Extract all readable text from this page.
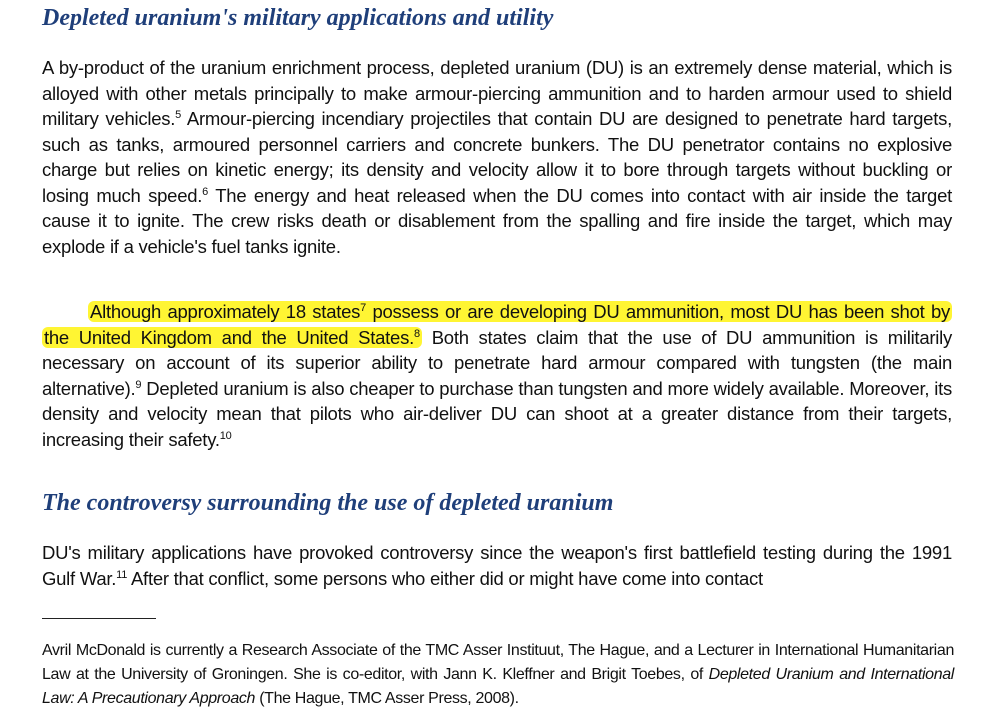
Depleted uranium's military applications and utility

A by-product of the uranium enrichment process, depleted uranium (DU) is an extremely dense material, which is alloyed with other metals principally to make armour-piercing ammunition and to harden armour used to shield military vehicles.$^5$ Armour-piercing incendiary projectiles that contain DU are designed to penetrate hard targets, such as tanks, armoured personnel carriers and concrete bunkers. The DU penetrator contains no explosive charge but relies on kinetic energy; its density and velocity allow it to bore through targets without buckling or losing much speed.$^6$ The energy and heat released when the DU comes into contact with air inside the target cause it to ignite. The crew risks death or disablement from the spalling and fire inside the target, which may explode if a vehicle's fuel tanks ignite.

Although approximately 18 states$^7$ possess or are developing DU ammunition, most DU has been shot by the United Kingdom and the United States.$^8$ Both states claim that the use of DU ammunition is militarily necessary on account of its superior ability to penetrate hard armour compared with tungsten (the main alternative).$^9$ Depleted uranium is also cheaper to purchase than tungsten and more widely available. Moreover, its density and velocity mean that pilots who air-deliver DU can shoot at a greater distance from their targets, increasing their safety.$^{10}$

The controversy surrounding the use of depleted uranium

DU's military applications have provoked controversy since the weapon's first battlefield testing during the 1991 Gulf War.$^{11}$ After that conflict, some persons who either did or might have come into contact

Avril McDonald is currently a Research Associate of the TMC Asser Instituut, The Hague, and a Lecturer in International Humanitarian Law at the University of Groningen. She is co-editor, with Jann K. Kleffner and Brigit Toebes, of Depleted Uranium and International Law: A Precautionary Approach (The Hague, TMC Asser Press, 2008).
